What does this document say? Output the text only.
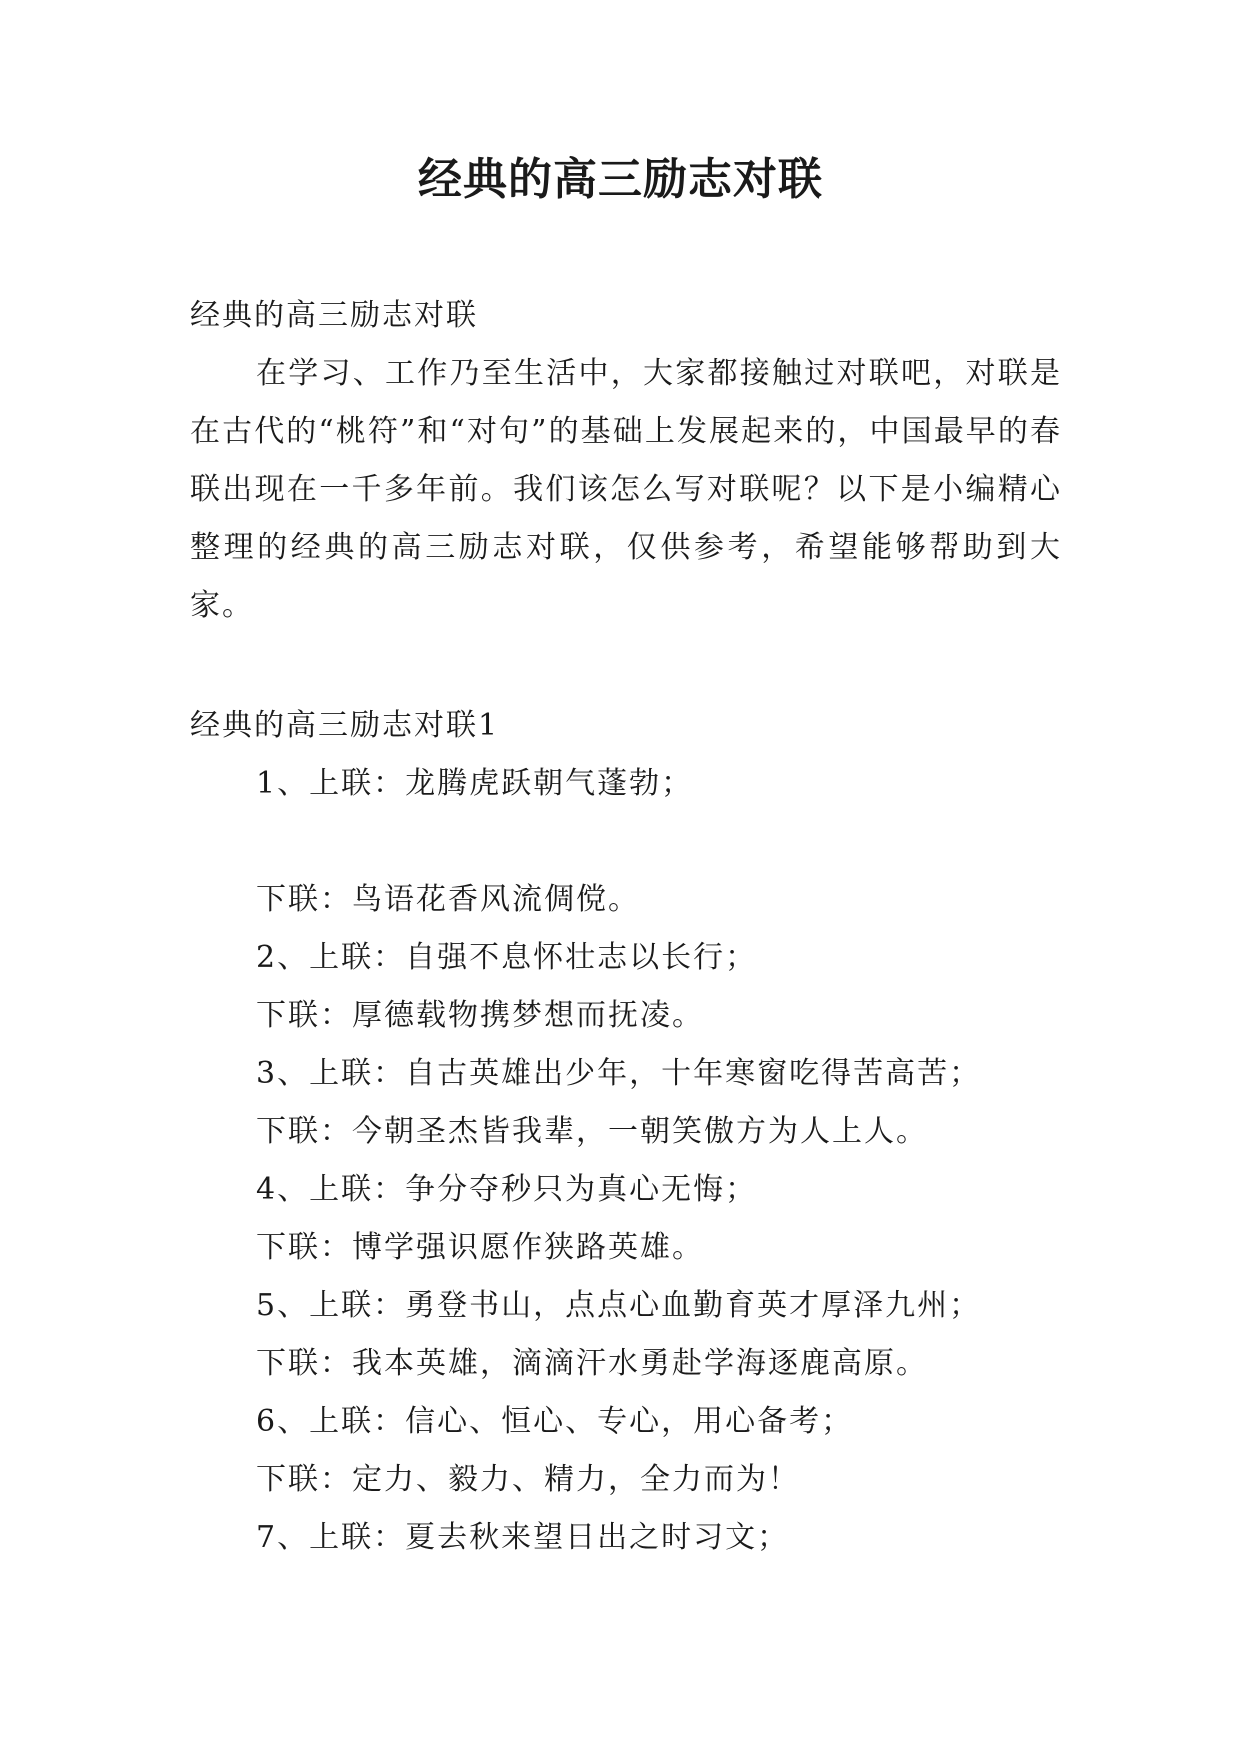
经典的高三励志对联

经典的高三励志对联

在学习、工作乃至生活中，大家都接触过对联吧，对联是在古代的“桃符”和“对句”的基础上发展起来的，中国最早的春联出现在一千多年前。我们该怎么写对联呢？以下是小编精心整理的经典的高三励志对联，仅供参考，希望能够帮助到大家。

经典的高三励志对联1

1、上联：龙腾虎跃朝气蓬勃；
下联：鸟语花香风流倜傥。
2、上联：自强不息怀壮志以长行；
下联：厚德载物携梦想而抚凌。
3、上联：自古英雄出少年，十年寒窗吃得苦高苦；
下联：今朝圣杰皆我辈，一朝笑傲方为人上人。
4、上联：争分夺秒只为真心无悔；
下联：博学强识愿作狭路英雄。
5、上联：勇登书山，点点心血勤育英才厚泽九州；
下联：我本英雄，滴滴汗水勇赴学海逐鹿高原。
6、上联：信心、恒心、专心，用心备考；
下联：定力、毅力、精力，全力而为！
7、上联：夏去秋来望日出之时习文；
